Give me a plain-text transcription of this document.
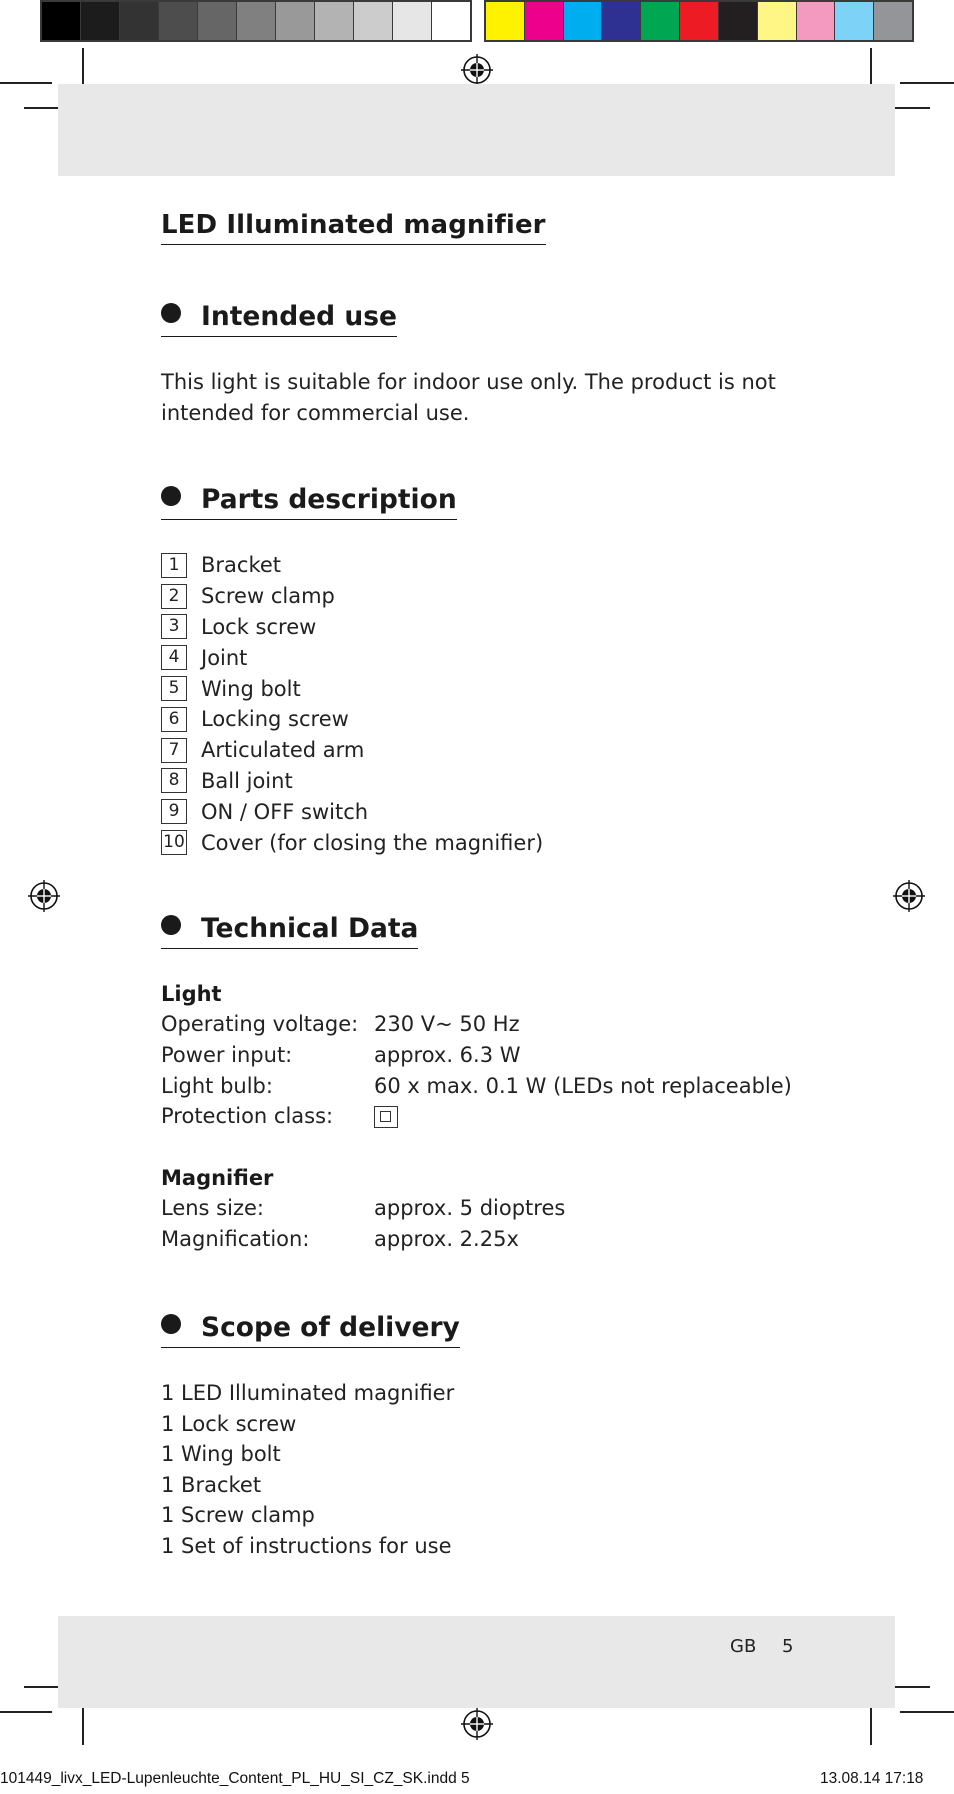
LED Illuminated magnifier
Intended use
This light is suitable for indoor use only. The product is not intended for commercial use.
Parts description
1	Bracket
2	Screw clamp
3	Lock screw
4	Joint
5	Wing bolt
6	Locking screw
7	Articulated arm
8	Ball joint
9	ON / OFF switch
10 Cover (for closing the magnifier)
Technical Data
Light
Operating voltage:	230 V~ 50 Hz
Power input:	approx. 6.3 W
Light bulb:	60 x max. 0.1 W (LEDs not replaceable)
Protection class:	
Magnifier
Lens size:	approx. 5 dioptres
Magnification:	approx. 2.25x
Scope of delivery
1 LED Illuminated magnifier
1 Lock screw
1 Wing bolt
1 Bracket
1 Screw clamp
1 Set of instructions for use
GB 5
101449_livx_LED-Lupenleuchte_Content_PL_HU_SI_CZ_SK.indd 5	13.08.14 17:18
